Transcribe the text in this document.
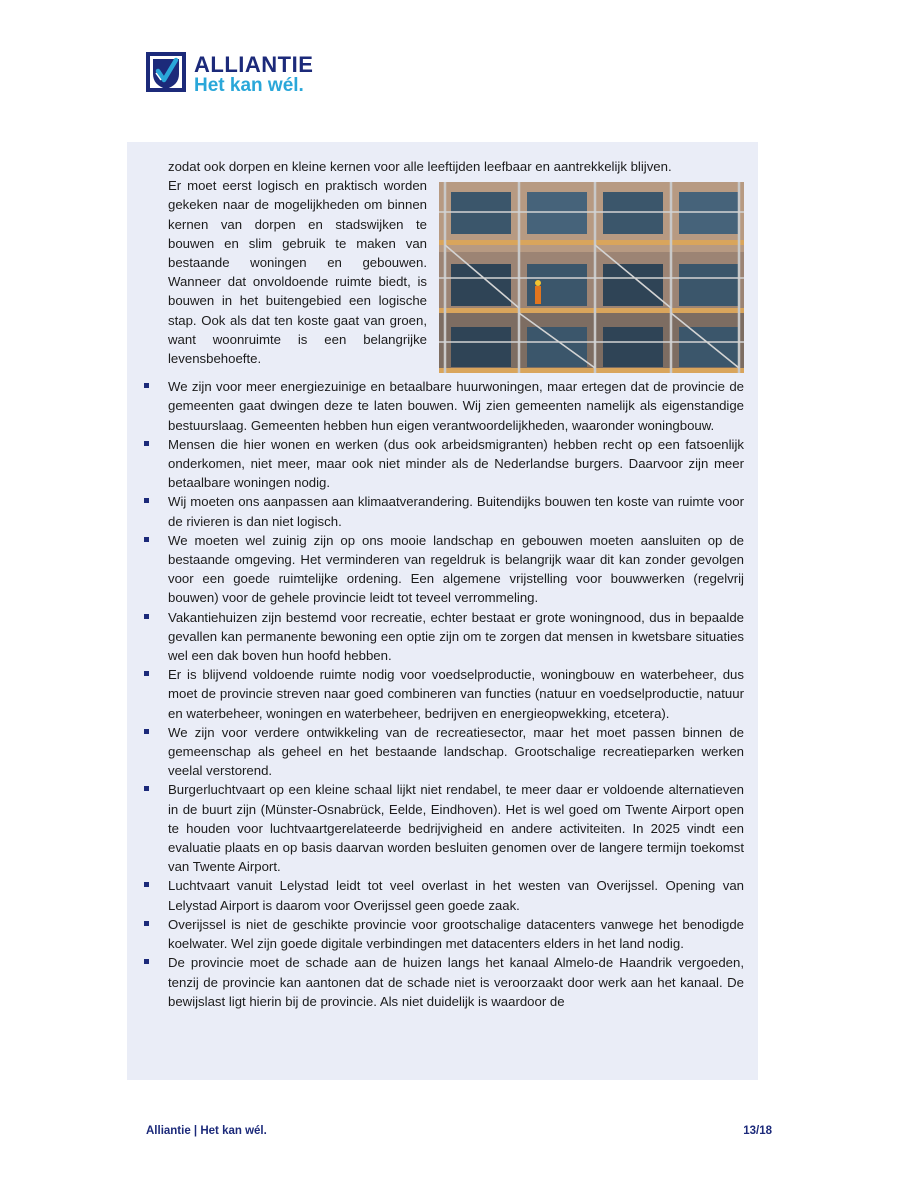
ALLIANTIE
Het kan wél.

zodat ook dorpen en kleine kernen voor alle leeftijden leefbaar en aantrekkelijk blijven.

Er moet eerst logisch en praktisch worden gekeken naar de mogelijkheden om binnen kernen van dorpen en stadswijken te bouwen en slim gebruik te maken van bestaande woningen en gebouwen. Wanneer dat onvoldoende ruimte biedt, is bouwen in het buitengebied een logische stap. Ook als dat ten koste gaat van groen, want woonruimte is een belangrijke levensbehoefte.
We zijn voor meer energiezuinige en betaalbare huurwoningen, maar ertegen dat de provincie de gemeenten gaat dwingen deze te laten bouwen. Wij zien gemeenten namelijk als eigenstandige bestuurslaag. Gemeenten hebben hun eigen verantwoordelijkheden, waaronder woningbouw.
Mensen die hier wonen en werken (dus ook arbeidsmigranten) hebben recht op een fatsoenlijk onderkomen, niet meer, maar ook niet minder als de Nederlandse burgers. Daarvoor zijn meer betaalbare woningen nodig.
Wij moeten ons aanpassen aan klimaatverandering. Buitendijks bouwen ten koste van ruimte voor de rivieren is dan niet logisch.
We moeten wel zuinig zijn op ons mooie landschap en gebouwen moeten aansluiten op de bestaande omgeving. Het verminderen van regeldruk is belangrijk waar dit kan zonder gevolgen voor een goede ruimtelijke ordening. Een algemene vrijstelling voor bouwwerken (regelvrij bouwen) voor de gehele provincie leidt tot teveel verrommeling.
Vakantiehuizen zijn bestemd voor recreatie, echter bestaat er grote woningnood, dus in bepaalde gevallen kan permanente bewoning een optie zijn om te zorgen dat mensen in kwetsbare situaties wel een dak boven hun hoofd hebben.
Er is blijvend voldoende ruimte nodig voor voedselproductie, woningbouw en waterbeheer, dus moet de provincie streven naar goed combineren van functies (natuur en voedselproductie, natuur en waterbeheer, woningen en waterbeheer, bedrijven en energieopwekking, etcetera).
We zijn voor verdere ontwikkeling van de recreatiesector, maar het moet passen binnen de gemeenschap als geheel en het bestaande landschap. Grootschalige recreatieparken werken veelal verstorend.
Burgerluchtvaart op een kleine schaal lijkt niet rendabel, te meer daar er voldoende alternatieven in de buurt zijn (Münster-Osnabrück, Eelde, Eindhoven). Het is wel goed om Twente Airport open te houden voor luchtvaartgerelateerde bedrijvigheid en andere activiteiten. In 2025 vindt een evaluatie plaats en op basis daarvan worden besluiten genomen over de langere termijn toekomst van Twente Airport.
Luchtvaart vanuit Lelystad leidt tot veel overlast in het westen van Overijssel. Opening van Lelystad Airport is daarom voor Overijssel geen goede zaak.
Overijssel is niet de geschikte provincie voor grootschalige datacenters vanwege het benodigde koelwater. Wel zijn goede digitale verbindingen met datacenters elders in het land nodig.
De provincie moet de schade aan de huizen langs het kanaal Almelo-de Haandrik vergoeden, tenzij de provincie kan aantonen dat de schade niet is veroorzaakt door werk aan het kanaal. De bewijslast ligt hierin bij de provincie. Als niet duidelijk is waardoor de
Alliantie | Het kan wél.	13/18
